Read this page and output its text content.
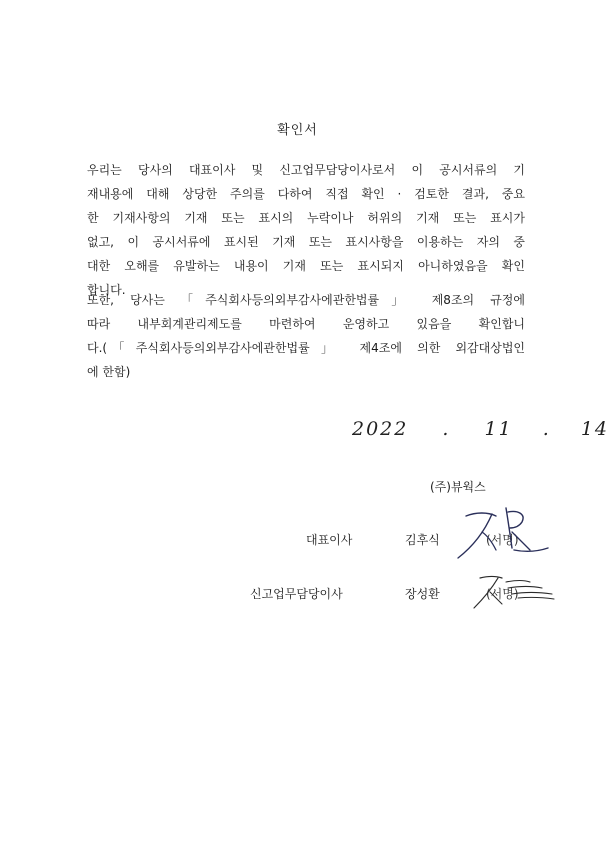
확인서
우리는 당사의 대표이사 및 신고업무담당이사로서 이 공시서류의 기
재내용에 대해 상당한 주의를 다하여 직접 확인 · 검토한 결과, 중요
한 기재사항의 기재 또는 표시의 누락이나 허위의 기재 또는 표시가
없고, 이 공시서류에 표시된 기재 또는 표시사항을 이용하는 자의 중
대한 오해를 유발하는 내용이 기재 또는 표시되지 아니하였음을 확인
합니다.
또한, 당사는 「주식회사등의외부감사에관한법률」 제8조의 규정에
따라 내부회계관리제도를 마련하여 운영하고 있음을 확인합니
다.(「주식회사등의외부감사에관한법률」 제4조에 의한 외감대상법인
에 한함)
2022 . 11 . 14
(주)뷰웍스
대표이사	김후식	(서명)
신고업무담당이사	장성환	(서명)
